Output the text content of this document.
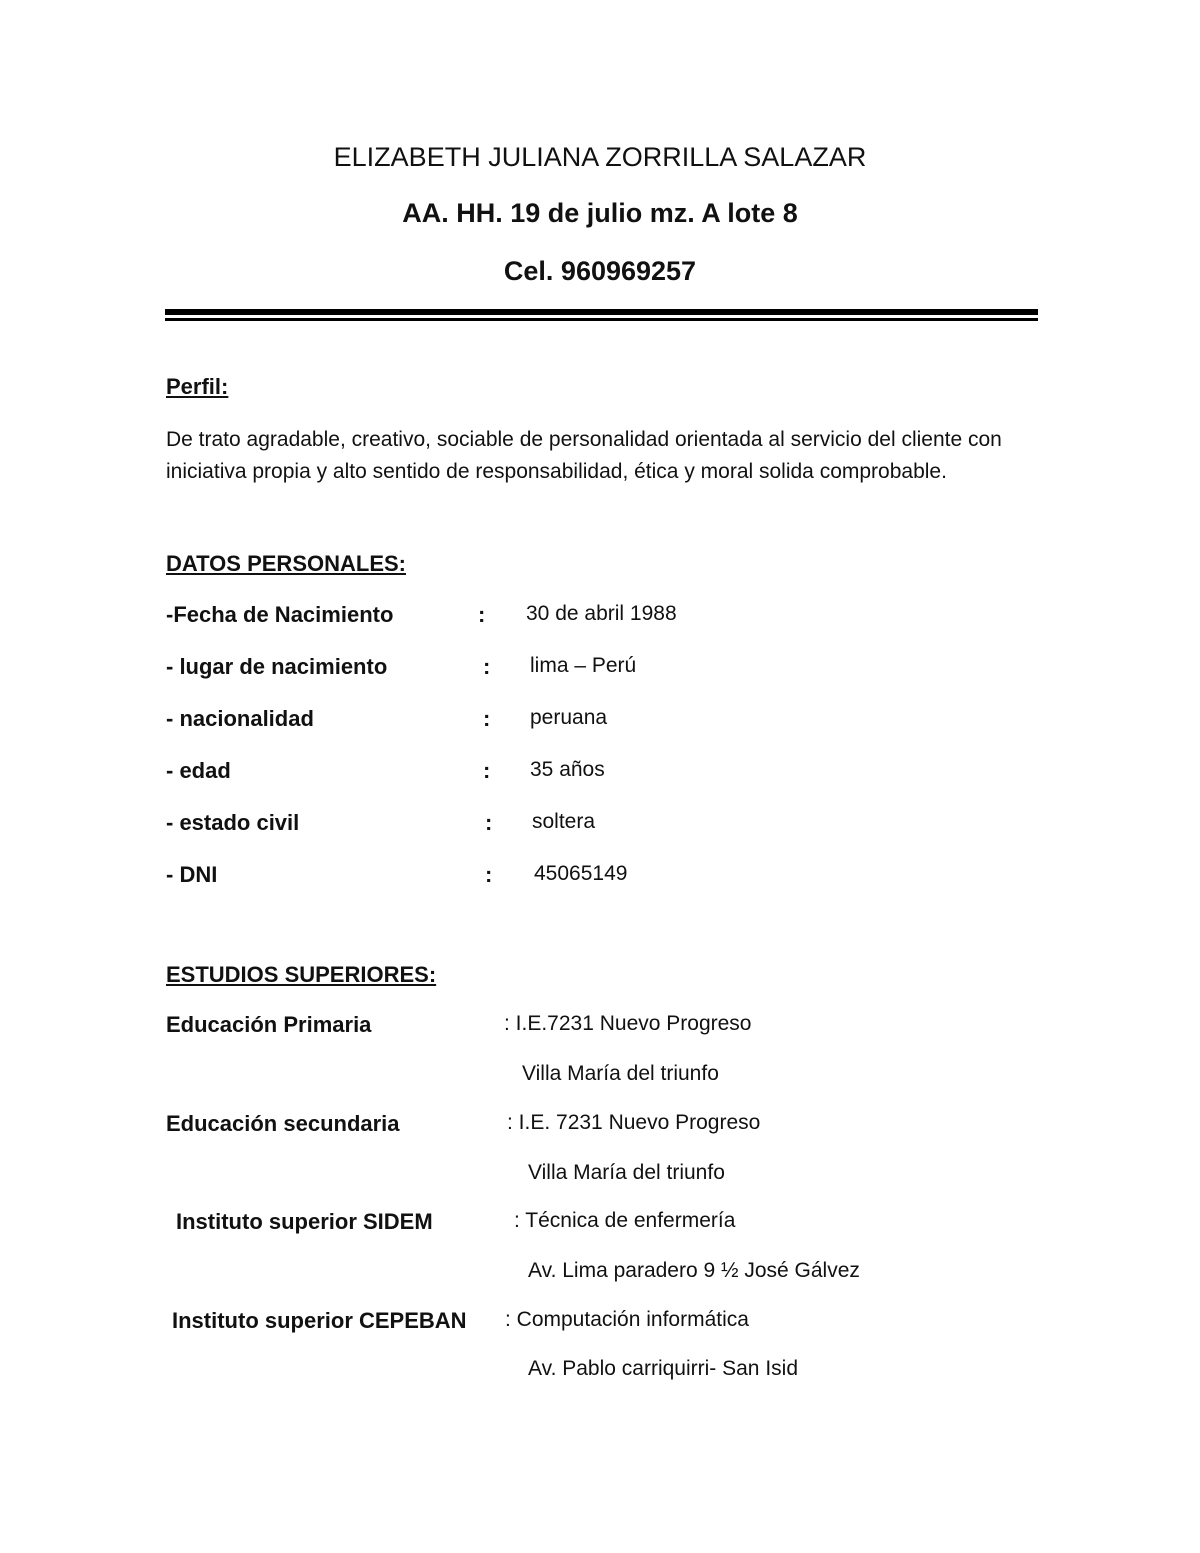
ELIZABETH JULIANA ZORRILLA SALAZAR
AA. HH. 19 de julio mz. A lote 8
Cel. 960969257
Perfil:
De trato agradable, creativo, sociable de personalidad orientada al servicio del cliente con iniciativa propia y alto sentido de responsabilidad, ética y moral solida comprobable.
DATOS PERSONALES:
-Fecha de Nacimiento	: 30 de abril 1988
- lugar de nacimiento	: lima – Perú
- nacionalidad	: peruana
- edad	: 35 años
- estado civil	: soltera
- DNI	: 45065149
ESTUDIOS SUPERIORES:
Educación Primaria	: I.E.7231 Nuevo Progreso
Villa María del triunfo
Educación secundaria	: I.E. 7231 Nuevo Progreso
Villa María del triunfo
Instituto superior SIDEM	: Técnica de enfermería
Av. Lima paradero 9 ½ José Gálvez
Instituto superior CEPEBAN : Computación informática
Av. Pablo carriquirri- San Isid
